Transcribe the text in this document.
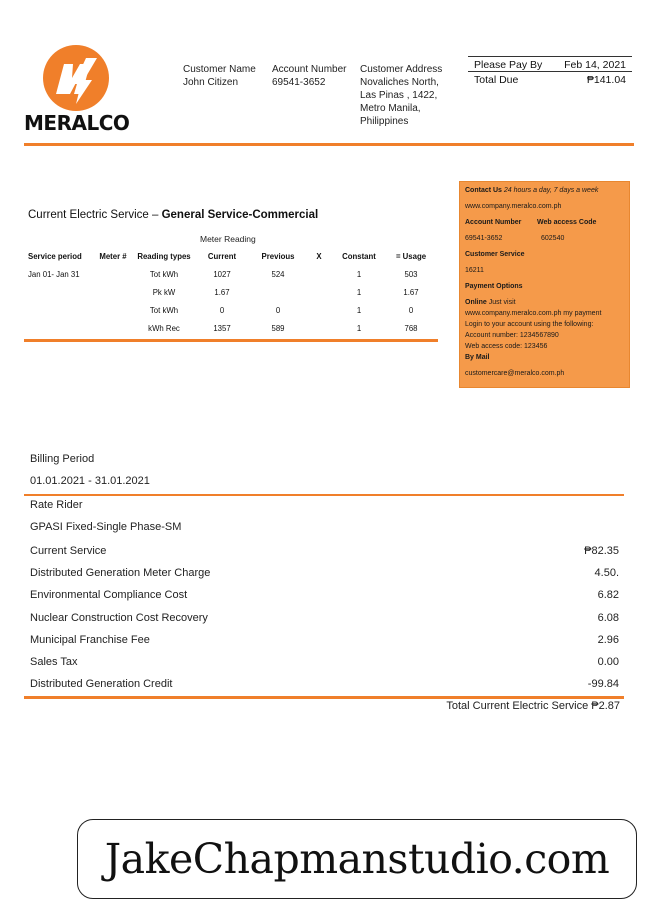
MERALCO
Customer Name
John Citizen
Account Number
69541-3652
Customer Address
Novaliches North,
Las Pinas , 1422,
Metro Manila,
Philippines
Please Pay By Feb 14, 2021
Total Due	₱141.04
Current Electric Service – General Service-Commercial
Meter Reading
Service period	Meter #	Reading types	Current	Previous	X	Constant	= Usage
Jan 01- Jan 31		Tot kWh	1027	524		1	503
		Pk kW	1.67			1	1.67
		Tot kWh	0	0		1	0
		kWh Rec	1357	589		1	768
Contact Us 24 hours a day, 7 days a week
www.company.meralco.com.ph
Account Number	Web access Code
69541-3652	602540
Customer Service
16211
Payment Options
Online Just visit
www.company.meralco.com.ph my payment
Login to your account using the following:
Account number: 1234567890
Web access code: 123456
By Mail
customercare@meralco.com.ph
Billing Period
01.01.2021 - 31.01.2021
Rate Rider
GPASI Fixed-Single Phase-SM
Current Service	₱82.35
Distributed Generation Meter Charge	4.50.
Environmental Compliance Cost	6.82
Nuclear Construction Cost Recovery	6.08
Municipal Franchise Fee	2.96
Sales Tax	0.00
Distributed Generation Credit	-99.84
Total Current Electric Service ₱2.87
JakeChapmanstudio.com
